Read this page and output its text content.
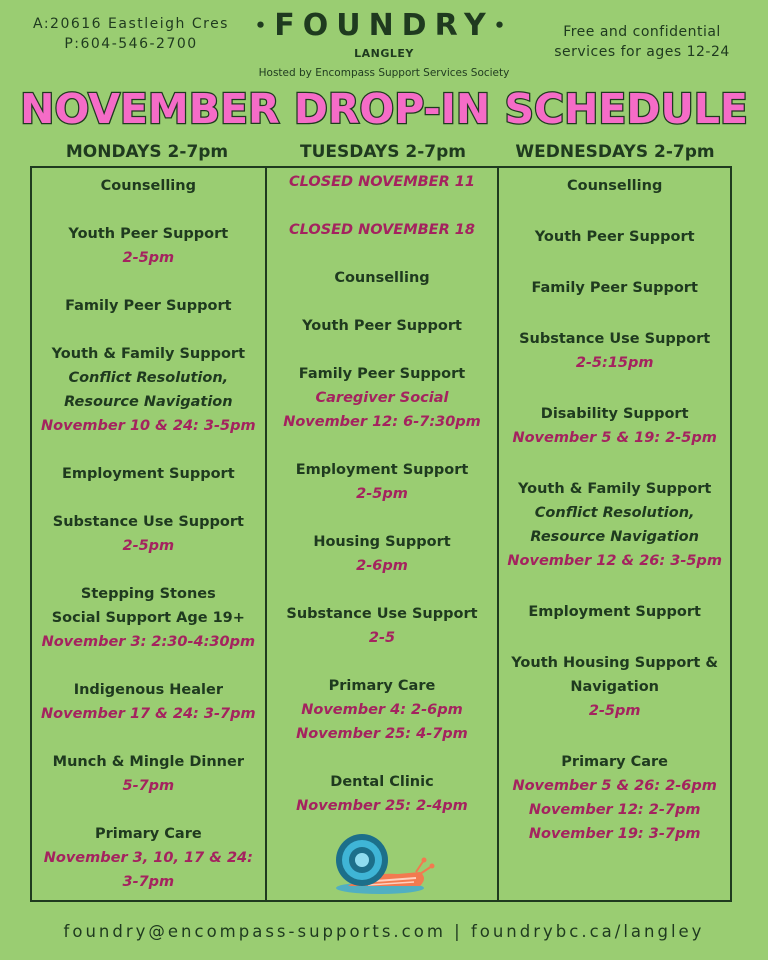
A:20616 Eastleigh Cres
P:604-546-2700
•FOUNDRY•
LANGLEY
Hosted by Encompass Support Services Society
Free and confidential
services for ages 12-24
NOVEMBER DROP-IN SCHEDULE
MONDAYS 2-7pm	TUESDAYS 2-7pm	WEDNESDAYS 2-7pm
Counselling
Youth Peer Support
2-5pm
Family Peer Support
Youth & Family Support
Conflict Resolution,
Resource Navigation
November 10 & 24: 3-5pm
Employment Support
Substance Use Support
2-5pm
Stepping Stones
Social Support Age 19+
November 3: 2:30-4:30pm
Indigenous Healer
November 17 & 24: 3-7pm
Munch & Mingle Dinner
5-7pm
Primary Care
November 3, 10, 17 & 24:
3-7pm
CLOSED NOVEMBER 11
CLOSED NOVEMBER 18
Counselling
Youth Peer Support
Family Peer Support
Caregiver Social
November 12: 6-7:30pm
Employment Support
2-5pm
Housing Support
2-6pm
Substance Use Support
2-5
Primary Care
November 4: 2-6pm
November 25: 4-7pm
Dental Clinic
November 25: 2-4pm
Counselling
Youth Peer Support
Family Peer Support
Substance Use Support
2-5:15pm
Disability Support
November 5 & 19: 2-5pm
Youth & Family Support
Conflict Resolution,
Resource Navigation
November 12 & 26: 3-5pm
Employment Support
Youth Housing Support &
Navigation
2-5pm
Primary Care
November 5 & 26: 2-6pm
November 12: 2-7pm
November 19: 3-7pm
foundry@encompass-supports.com | foundrybc.ca/langley
